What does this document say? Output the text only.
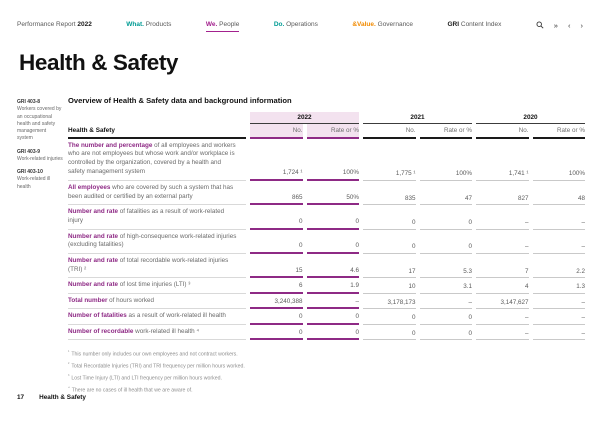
Performance Report 2022	What. Products	We. People	Do. Operations	&Value. Governance	GRI Content Index	» ‹ ›
Health & Safety
GRI 403-8
Workers covered by an occupational health and safety management system
GRI 403-9
Work-related injuries
GRI 403-10
Work-related ill health
Overview of Health & Safety data and background information
	2022		2021		2020	
Health & Safety	No.	Rate or %	No.	Rate or %	No.	Rate or %
The number and percentage of all employees and workers who are not employees but whose work and/or workplace is controlled by the organization, covered by a health and safety management system	1,724 ¹	100%	1,775 ¹	100%	1,741 ¹	100%
All employees who are covered by such a system that has been audited or certified by an external party	865	50%	835	47	827	48
Number and rate of fatalities as a result of work-related injury	0	0	0	0	–	–
Number and rate of high-consequence work-related injuries (excluding fatalities)	0	0	0	0	–	–
Number and rate of total recordable work-related injuries (TRI) ²	15	4.6	17	5.3	7	2.2
Number and rate of lost time injuries (LTI) ³	6	1.9	10	3.1	4	1.3
Total number of hours worked	3,240,388	–	3,178,173	–	3,147,627	–
Number of fatalities as a result of work-related ill health	0	0	0	0	–	–
Number of recordable work-related ill health ⁴	0	0	0	0	–	–
$^{^1}$This number only includes our own employees and not contract workers.
$^{^2}$Total Recordable Injuries (TRI) and TRI frequency per million hours worked.
$^{^3}$Lost Time Injury (LTI) and LTI frequency per million hours worked.
$^{^4}$There are no cases of ill health that we are aware of.
17 Health & Safety
